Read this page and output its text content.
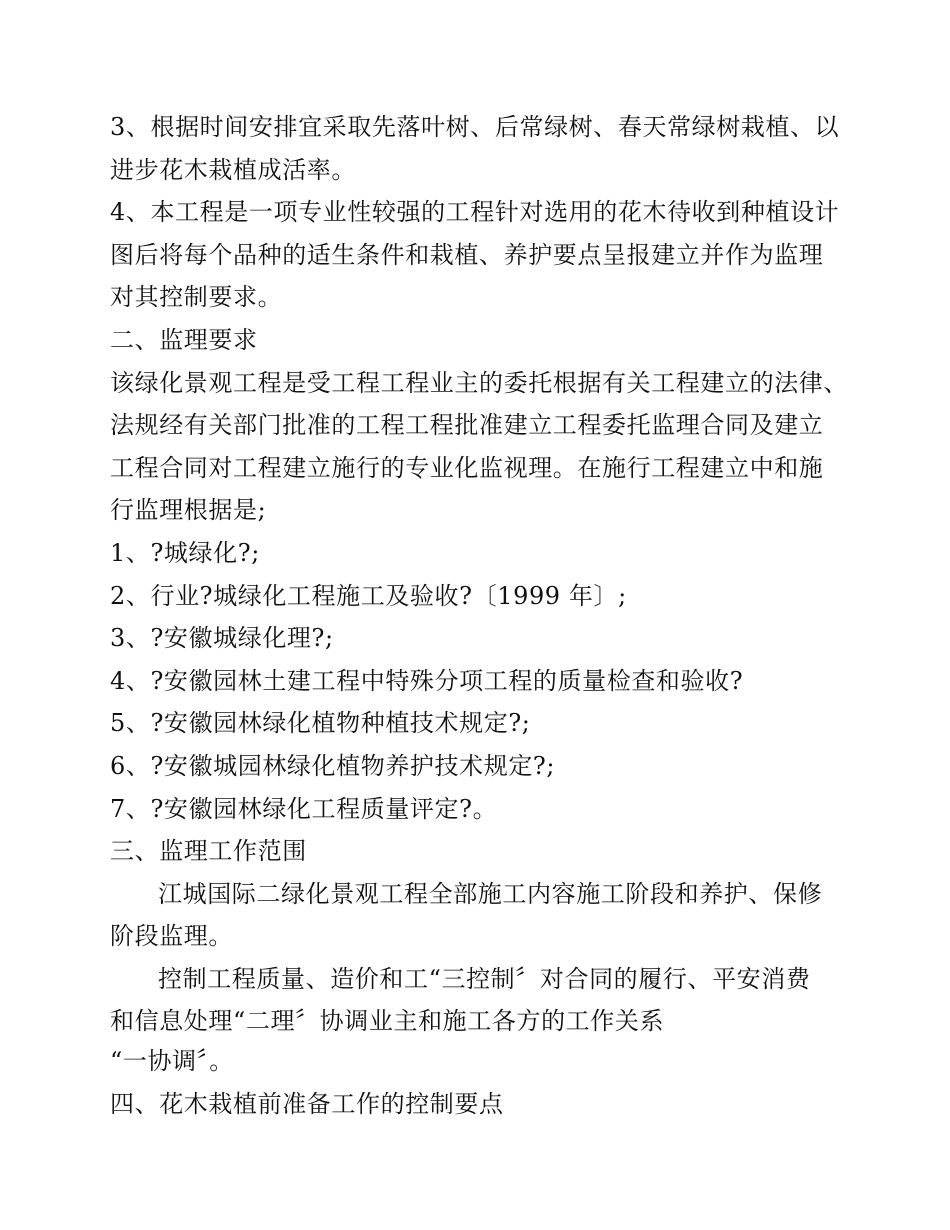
3、根据时间安排宜采取先落叶树、后常绿树、春天常绿树栽植、以
进步花木栽植成活率。
4、本工程是一项专业性较强的工程针对选用的花木待收到种植设计
图后将每个品种的适生条件和栽植、养护要点呈报建立并作为监理
对其控制要求。
二、监理要求
该绿化景观工程是受工程工程业主的委托根据有关工程建立的法律、
法规经有关部门批准的工程工程批准建立工程委托监理合同及建立
工程合同对工程建立施行的专业化监视理。在施行工程建立中和施
行监理根据是;
1、?城绿化?;
2、行业?城绿化工程施工及验收?〔1999 年〕;
3、?安徽城绿化理?;
4、?安徽园林土建工程中特殊分项工程的质量检查和验收?
5、?安徽园林绿化植物种植技术规定?;
6、?安徽城园林绿化植物养护技术规定?;
7、?安徽园林绿化工程质量评定?。
三、监理工作范围
江城国际二绿化景观工程全部施工内容施工阶段和养护、保修
阶段监理。
控制工程质量、造价和工“三控制〞对合同的履行、平安消费
和信息处理“二理〞协调业主和施工各方的工作关系
“一协调〞。
四、花木栽植前准备工作的控制要点
